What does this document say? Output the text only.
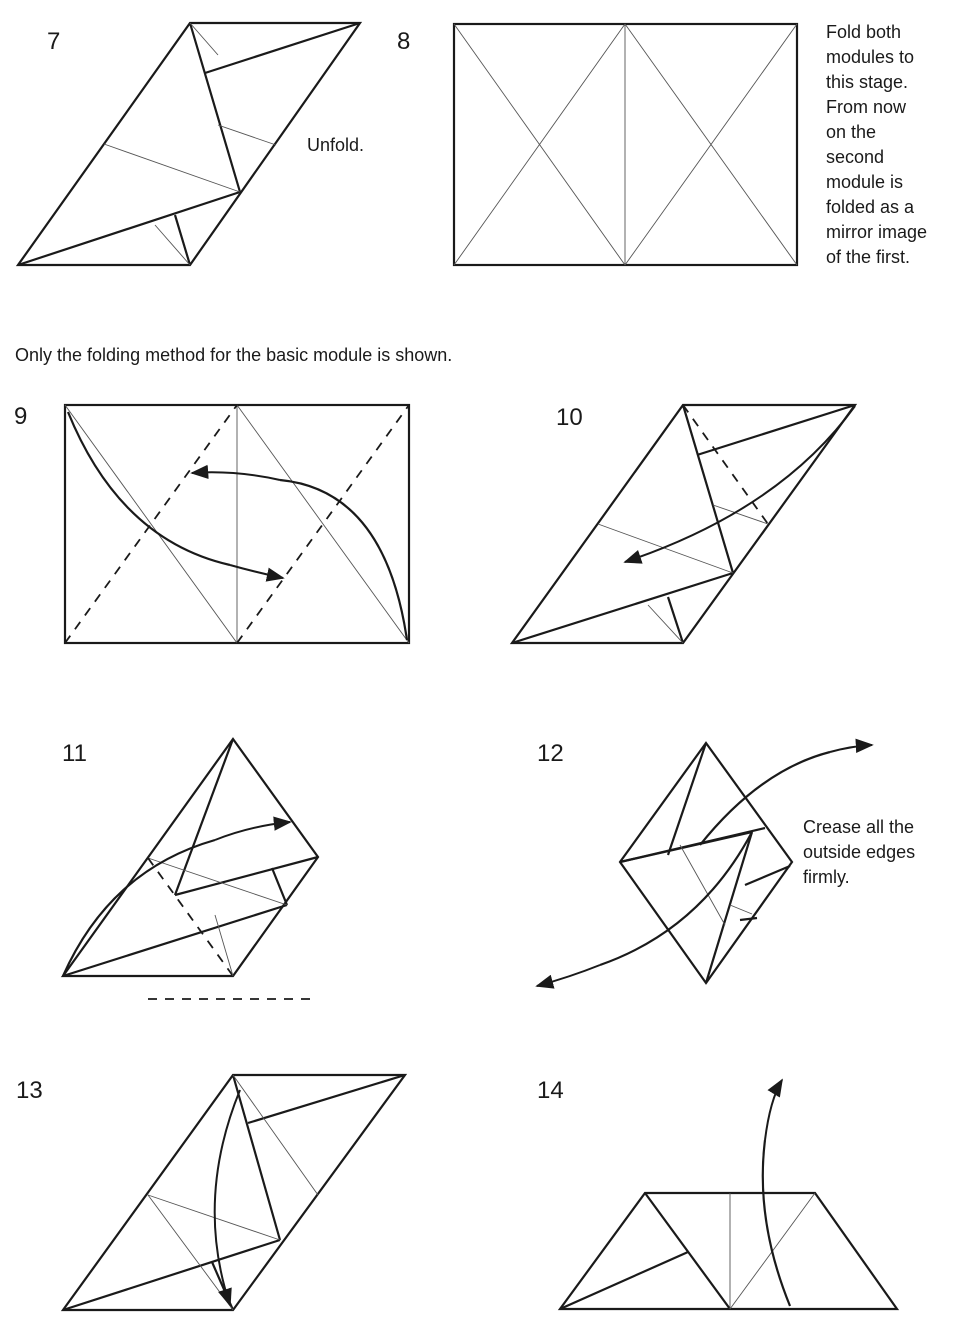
7	8
9	10
11	12
13	14
Unfold.
Fold both
modules to
this stage.
From now
on the
second
module is
folded as a
mirror image
of the first.
Only the folding method for the basic module is shown.
Crease all the
outside edges
firmly.
